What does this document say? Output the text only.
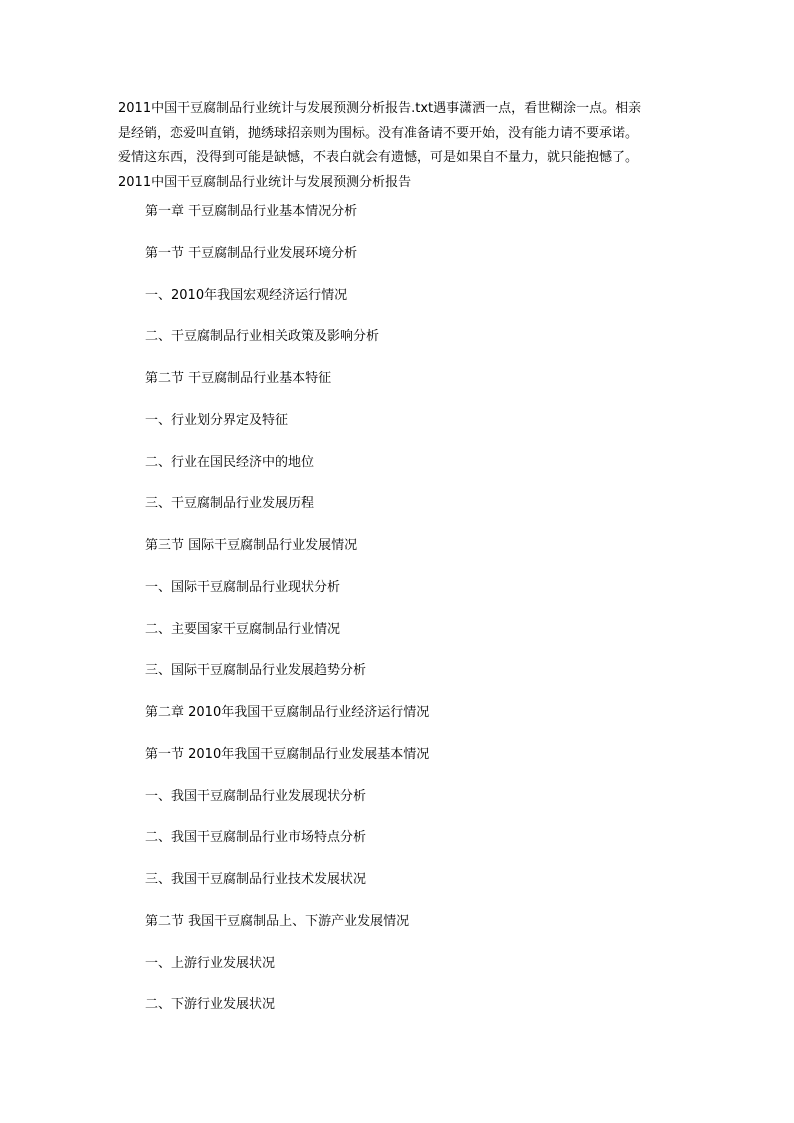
2011中国干豆腐制品行业统计与发展预测分析报告.txt遇事潇洒一点，看世糊涂一点。相亲
是经销，恋爱叫直销，抛绣球招亲则为围标。没有准备请不要开始，没有能力请不要承诺。
爱情这东西，没得到可能是缺憾，不表白就会有遗憾，可是如果自不量力，就只能抱憾了。
2011中国干豆腐制品行业统计与发展预测分析报告

第一章 干豆腐制品行业基本情况分析
第一节 干豆腐制品行业发展环境分析
一、2010年我国宏观经济运行情况
二、干豆腐制品行业相关政策及影响分析
第二节 干豆腐制品行业基本特征
一、行业划分界定及特征
二、行业在国民经济中的地位
三、干豆腐制品行业发展历程
第三节 国际干豆腐制品行业发展情况
一、国际干豆腐制品行业现状分析
二、主要国家干豆腐制品行业情况
三、国际干豆腐制品行业发展趋势分析
第二章 2010年我国干豆腐制品行业经济运行情况
第一节 2010年我国干豆腐制品行业发展基本情况
一、我国干豆腐制品行业发展现状分析
二、我国干豆腐制品行业市场特点分析
三、我国干豆腐制品行业技术发展状况
第二节 我国干豆腐制品上、下游产业发展情况
一、上游行业发展状况
二、下游行业发展状况
